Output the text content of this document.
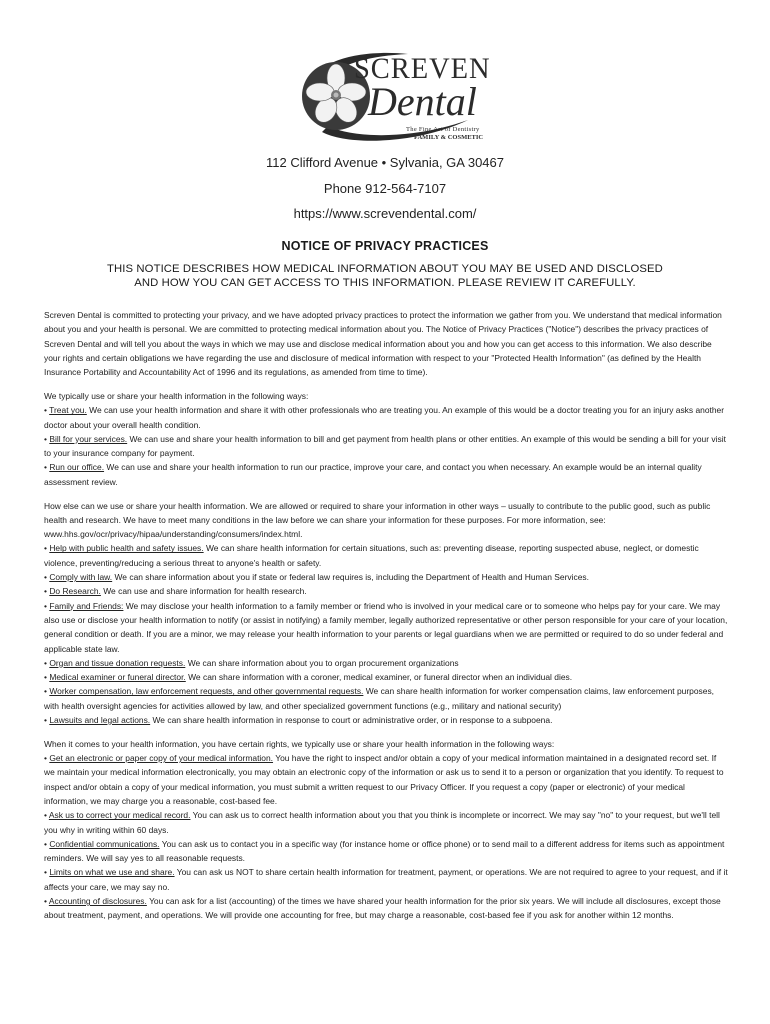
SCREVEN
Dental
The Fine Art of Dentistry
FAMILY & COSMETIC
112 Clifford Avenue • Sylvania, GA 30467
Phone 912-564-7107
https://www.screvendental.com/
NOTICE OF PRIVACY PRACTICES
THIS NOTICE DESCRIBES HOW MEDICAL INFORMATION ABOUT YOU MAY BE USED AND DISCLOSED
AND HOW YOU CAN GET ACCESS TO THIS INFORMATION. PLEASE REVIEW IT CAREFULLY.

Screven Dental is committed to protecting your privacy, and we have adopted privacy practices to protect the information we gather from you. We understand that medical information about you and your health is personal. We are committed to protecting medical information about you. The Notice of Privacy Practices ("Notice") describes the privacy practices of Screven Dental and will tell you about the ways in which we may use and disclose medical information about you and how you can get access to this information. We also describe your rights and certain obligations we have regarding the use and disclosure of medical information with respect to your "Protected Health Information" (as defined by the Health Insurance Portability and Accountability Act of 1996 and its regulations, as amended from time to time).

We typically use or share your health information in the following ways:
• Treat you. We can use your health information and share it with other professionals who are treating you. An example of this would be a doctor treating you for an injury asks another doctor about your overall health condition.
• Bill for your services. We can use and share your health information to bill and get payment from health plans or other entities. An example of this would be sending a bill for your visit to your insurance company for payment.
• Run our office. We can use and share your health information to run our practice, improve your care, and contact you when necessary. An example would be an internal quality assessment review.

How else can we use or share your health information. We are allowed or required to share your information in other ways – usually to contribute to the public good, such as public health and research. We have to meet many conditions in the law before we can share your information for these purposes. For more information, see: www.hhs.gov/ocr/privacy/hipaa/understanding/consumers/index.html.
• Help with public health and safety issues. We can share health information for certain situations, such as: preventing disease, reporting suspected abuse, neglect, or domestic violence, preventing/reducing a serious threat to anyone's health or safety.
• Comply with law. We can share information about you if state or federal law requires is, including the Department of Health and Human Services.
• Do Research. We can use and share information for health research.
• Family and Friends: We may disclose your health information to a family member or friend who is involved in your medical care or to someone who helps pay for your care. We may also use or disclose your health information to notify (or assist in notifying) a family member, legally authorized representative or other person responsible for your care of your location, general condition or death. If you are a minor, we may release your health information to your parents or legal guardians when we are permitted or required to do so under federal and applicable state law.
• Organ and tissue donation requests. We can share information about you to organ procurement organizations
• Medical examiner or funeral director. We can share information with a coroner, medical examiner, or funeral director when an individual dies.
• Worker compensation, law enforcement requests, and other governmental requests. We can share health information for worker compensation claims, law enforcement purposes, with health oversight agencies for activities allowed by law, and other specialized government functions (e.g., military and national security)
• Lawsuits and legal actions. We can share health information in response to court or administrative order, or in response to a subpoena.

When it comes to your health information, you have certain rights, we typically use or share your health information in the following ways:
• Get an electronic or paper copy of your medical information. You have the right to inspect and/or obtain a copy of your medical information maintained in a designated record set. If we maintain your medical information electronically, you may obtain an electronic copy of the information or ask us to send it to a person or organization that you identify. To request to inspect and/or obtain a copy of your medical information, you must submit a written request to our Privacy Officer. If you request a copy (paper or electronic) of your medical information, we may charge you a reasonable, cost-based fee.
• Ask us to correct your medical record. You can ask us to correct health information about you that you think is incomplete or incorrect. We may say "no" to your request, but we'll tell you why in writing within 60 days.
• Confidential communications. You can ask us to contact you in a specific way (for instance home or office phone) or to send mail to a different address for items such as appointment reminders. We will say yes to all reasonable requests.
• Limits on what we use and share. You can ask us NOT to share certain health information for treatment, payment, or operations. We are not required to agree to your request, and if it affects your care, we may say no.
• Accounting of disclosures. You can ask for a list (accounting) of the times we have shared your health information for the prior six years. We will include all disclosures, except those about treatment, payment, and operations. We will provide one accounting for free, but may charge a reasonable, cost-based fee if you ask for another within 12 months.
